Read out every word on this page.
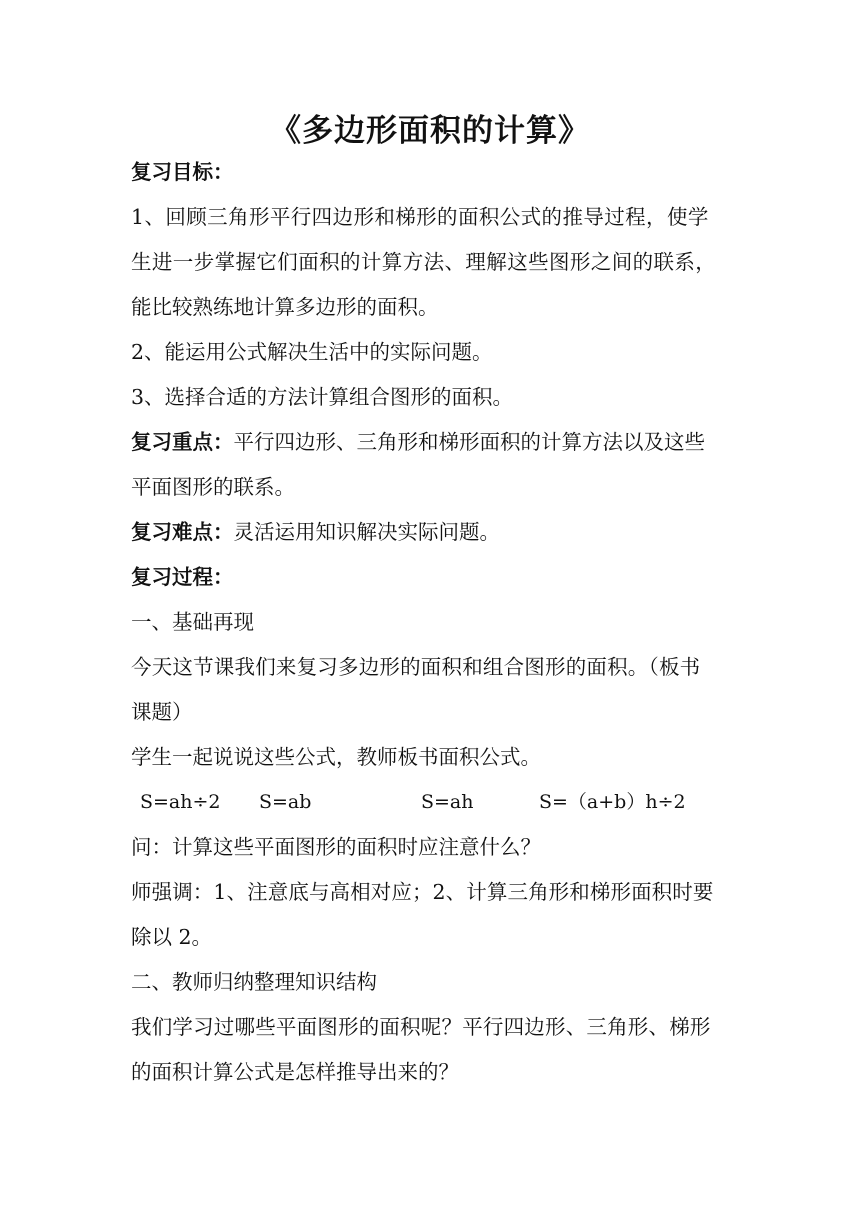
《多边形面积的计算》
复习目标：
1、回顾三角形平行四边形和梯形的面积公式的推导过程，使学
生进一步掌握它们面积的计算方法、理解这些图形之间的联系，
能比较熟练地计算多边形的面积。
2、能运用公式解决生活中的实际问题。
3、选择合适的方法计算组合图形的面积。
复习重点：平行四边形、三角形和梯形面积的计算方法以及这些
平面图形的联系。
复习难点：灵活运用知识解决实际问题。
复习过程：
一、基础再现
今天这节课我们来复习多边形的面积和组合图形的面积。（板书
课题）
学生一起说说这些公式，教师板书面积公式。
S=ah÷2 S=ab	S=ah	S=（a+b）h÷2
问：计算这些平面图形的面积时应注意什么？
师强调：1、注意底与高相对应；2、计算三角形和梯形面积时要
除以 2。
二、教师归纳整理知识结构
我们学习过哪些平面图形的面积呢？平行四边形、三角形、梯形
的面积计算公式是怎样推导出来的？
